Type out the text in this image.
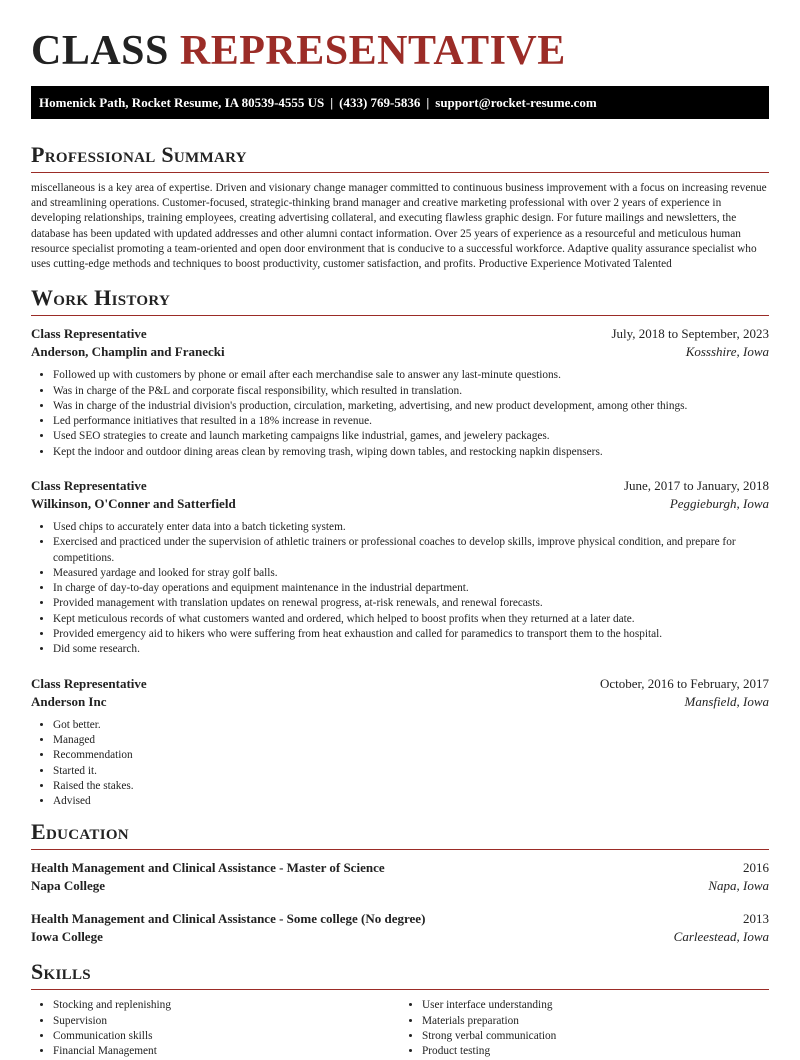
CLASS REPRESENTATIVE
Homenick Path, Rocket Resume, IA 80539-4555 US | (433) 769-5836 | support@rocket-resume.com
Professional Summary

miscellaneous is a key area of expertise. Driven and visionary change manager committed to continuous business improvement with a focus on increasing revenue and streamlining operations. Customer-focused, strategic-thinking brand manager and creative marketing professional with over 2 years of experience in developing relationships, training employees, creating advertising collateral, and executing flawless graphic design. For future mailings and newsletters, the database has been updated with updated addresses and other alumni contact information. Over 25 years of experience as a resourceful and meticulous human resource specialist promoting a team-oriented and open door environment that is conducive to a successful workforce. Adaptive quality assurance specialist who uses cutting-edge methods and techniques to boost productivity, customer satisfaction, and profits. Productive Experience Motivated Talented

Work History
Class Representative	July, 2018 to September, 2023
Anderson, Champlin and Franecki	Kossshire, Iowa
• Followed up with customers by phone or email after each merchandise sale to answer any last-minute questions.
• Was in charge of the P&L and corporate fiscal responsibility, which resulted in translation.
• Was in charge of the industrial division's production, circulation, marketing, advertising, and new product development, among other things.
• Led performance initiatives that resulted in a 18% increase in revenue.
• Used SEO strategies to create and launch marketing campaigns like industrial, games, and jewelery packages.
• Kept the indoor and outdoor dining areas clean by removing trash, wiping down tables, and restocking napkin dispensers.
Class Representative	June, 2017 to January, 2018
Wilkinson, O'Conner and Satterfield	Peggieburgh, Iowa
• Used chips to accurately enter data into a batch ticketing system.
• Exercised and practiced under the supervision of athletic trainers or professional coaches to develop skills, improve physical condition, and prepare for competitions.
• Measured yardage and looked for stray golf balls.
• In charge of day-to-day operations and equipment maintenance in the industrial department.
• Provided management with translation updates on renewal progress, at-risk renewals, and renewal forecasts.
• Kept meticulous records of what customers wanted and ordered, which helped to boost profits when they returned at a later date.
• Provided emergency aid to hikers who were suffering from heat exhaustion and called for paramedics to transport them to the hospital.
• Did some research.
Class Representative	October, 2016 to February, 2017
Anderson Inc	Mansfield, Iowa
• Got better.
• Managed
• Recommendation
• Started it.
• Raised the stakes.
• Advised
Education
Health Management and Clinical Assistance - Master of Science	2016
Napa College	Napa, Iowa
Health Management and Clinical Assistance - Some college (No degree)	2013
Iowa College	Carleestead, Iowa
Skills
• Stocking and replenishing
• Supervision
• Communication skills
• Financial Management
• User interface understanding
• Materials preparation
• Strong verbal communication
• Product testing
